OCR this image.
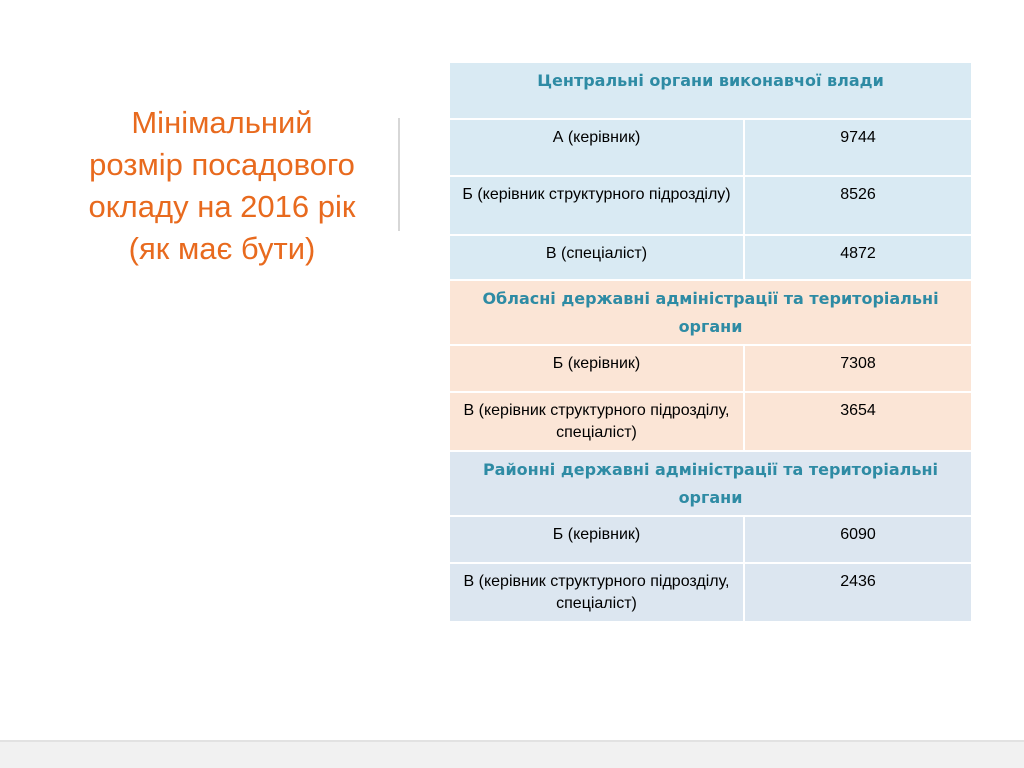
Мінімальний
розмір посадового
окладу на 2016 рік
(як має бути)
Центральні органи виконавчої влади	
А (керівник)	9744
Б (керівник структурного підрозділу)	8526
В (спеціаліст)	4872
Обласні державні адміністрації та територіальні органи	
Б (керівник)	7308
В (керівник структурного підрозділу, спеціаліст)	3654
Районні державні адміністрації та територіальні органи	
Б (керівник)	6090
В (керівник структурного підрозділу, спеціаліст)	2436
